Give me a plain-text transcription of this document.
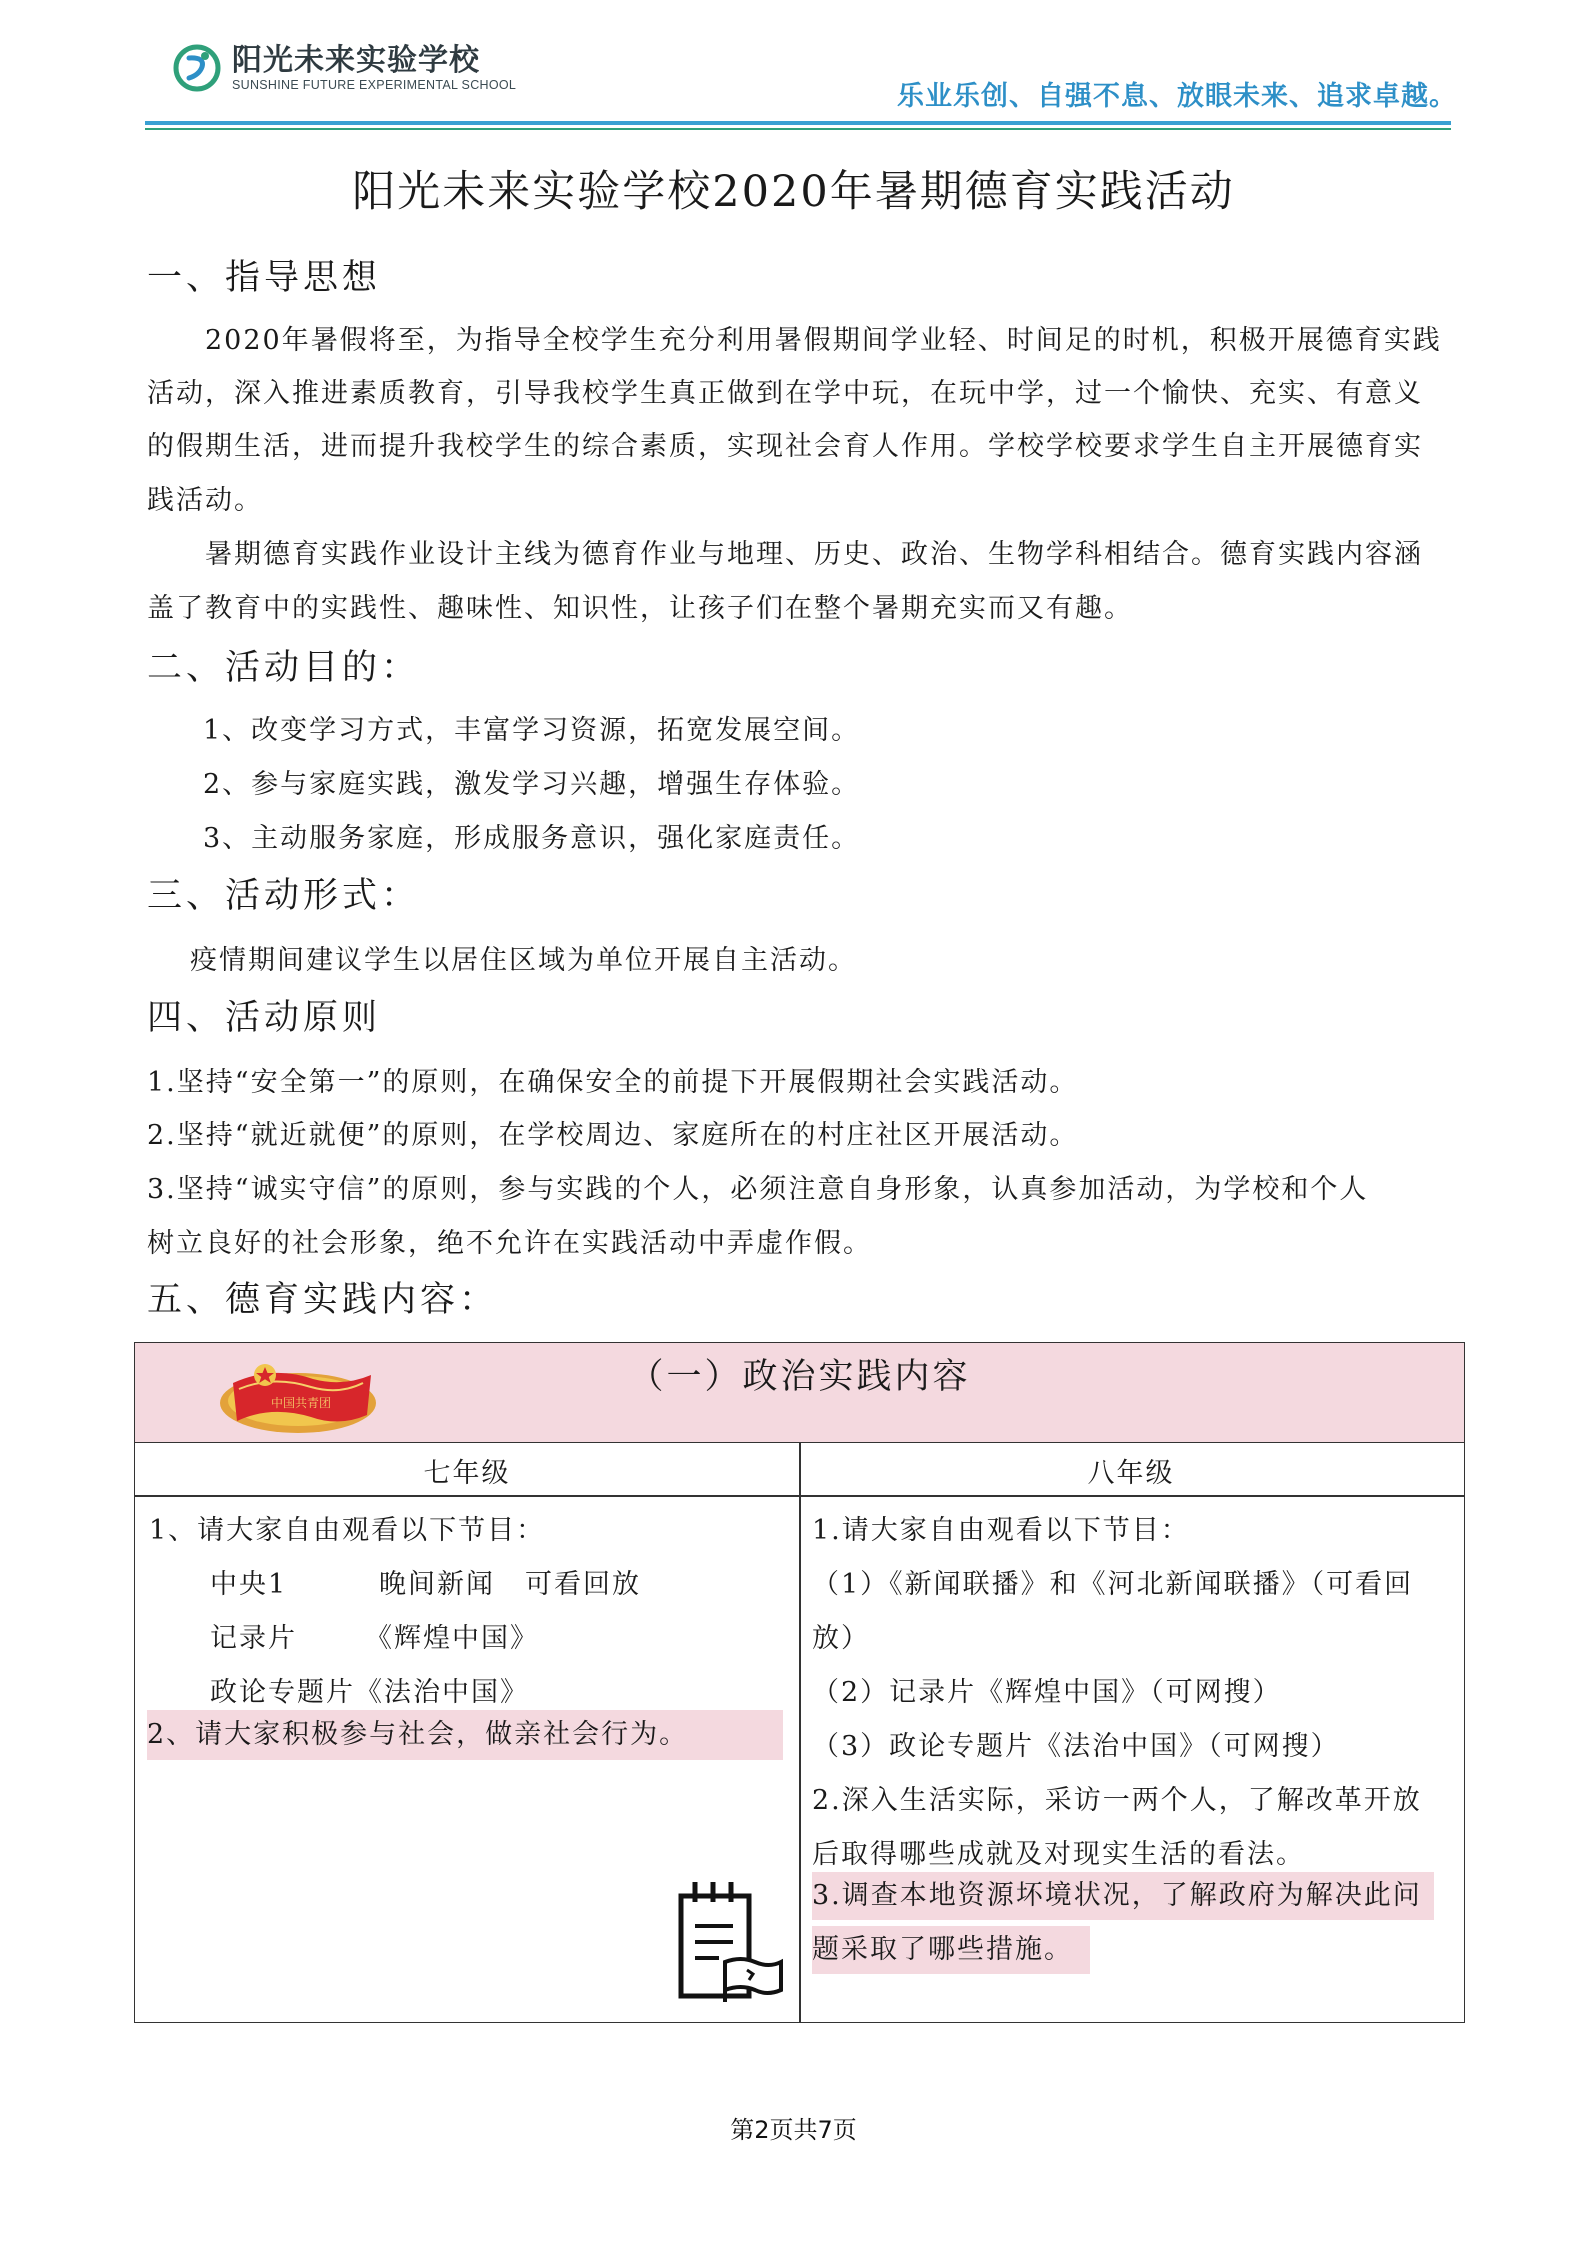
阳光未来实验学校
SUNSHINE FUTURE EXPERIMENTAL SCHOOL	乐业乐创、自强不息、放眼未来、追求卓越。
阳光未来实验学校2020年暑期德育实践活动
一、指导思想
2020年暑假将至，为指导全校学生充分利用暑假期间学业轻、时间足的时机，积极开展德育实践
活动，深入推进素质教育，引导我校学生真正做到在学中玩，在玩中学，过一个愉快、充实、有意义
的假期生活，进而提升我校学生的综合素质，实现社会育人作用。学校学校要求学生自主开展德育实
践活动。
暑期德育实践作业设计主线为德育作业与地理、历史、政治、生物学科相结合。德育实践内容涵
盖了教育中的实践性、趣味性、知识性，让孩子们在整个暑期充实而又有趣。
二、活动目的：
1、改变学习方式，丰富学习资源，拓宽发展空间。
2、参与家庭实践，激发学习兴趣，增强生存体验。
3、主动服务家庭，形成服务意识，强化家庭责任。
三、活动形式：
疫情期间建议学生以居住区域为单位开展自主活动。
四、活动原则
1.坚持“安全第一”的原则，在确保安全的前提下开展假期社会实践活动。
2.坚持“就近就便”的原则，在学校周边、家庭所在的村庄社区开展活动。
3.坚持“诚实守信”的原则，参与实践的个人，必须注意自身形象，认真参加活动，为学校和个人
树立良好的社会形象，绝不允许在实践活动中弄虚作假。
五、德育实践内容：
中国共青团
（一）政治实践内容
七年级	八年级
1、请大家自由观看以下节目：
中央1	晚间新闻 可看回放
记录片	《辉煌中国》
政论专题片《法治中国》
2、请大家积极参与社会，做亲社会行为。
1.请大家自由观看以下节目：
（1）《新闻联播》和《河北新闻联播》（可看回
放）
（2）记录片《辉煌中国》（可网搜）
（3）政论专题片《法治中国》（可网搜）
2.深入生活实际，采访一两个人，了解改革开放
后取得哪些成就及对现实生活的看法。
3.调查本地资源坏境状况，了解政府为解决此问
题采取了哪些措施。
第2页共7页
